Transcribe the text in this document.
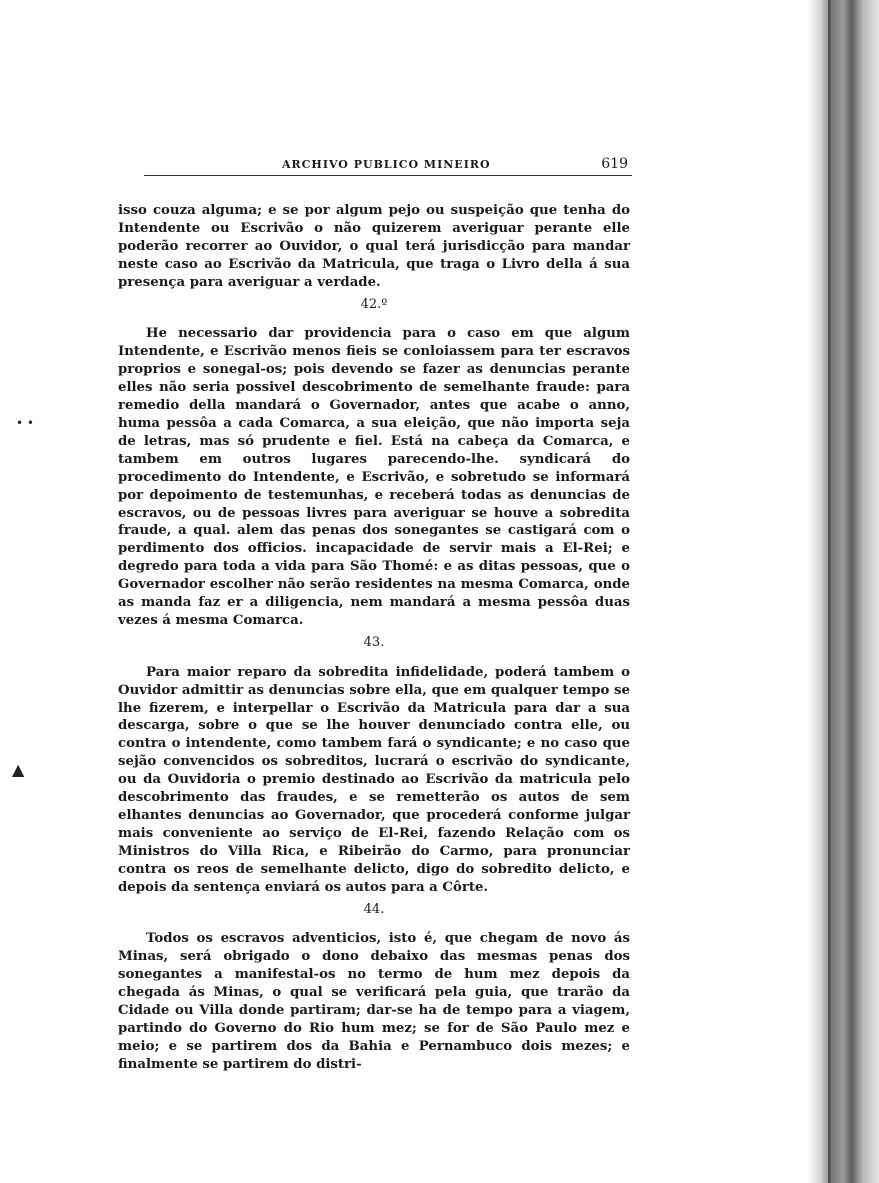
• •
▲
ARCHIVO PUBLICO MINEIRO	619

isso couza alguma; e se por algum pejo ou suspeição que tenha do Intendente ou Escrivão o não quizerem averiguar perante elle poderão recorrer ao Ouvidor, o qual terá jurisdicção para mandar neste caso ao Escrivão da Matricula, que traga o Livro della á sua presença para averiguar a verdade.

42.º

He necessario dar providencia para o caso em que algum Intendente, e Escrivão menos fieis se conloiassem para ter escravos proprios e sonegal-os; pois devendo se fazer as denuncias perante elles não seria possivel descobrimento de semelhante fraude: para remedio della mandará o Governador, antes que acabe o anno, huma pessôa a cada Comarca, a sua eleição, que não importa seja de letras, mas só prudente e fiel. Está na cabeça da Comarca, e tambem em outros lugares parecendo-lhe. syndicará do procedimento do Intendente, e Escrivão, e sobretudo se informará por depoimento de testemunhas, e receberá todas as denuncias de escravos, ou de pessoas livres para averiguar se houve a sobredita fraude, a qual. alem das penas dos sonegantes se castigará com o perdimento dos officios. incapacidade de servir mais a El-Rei; e degredo para toda a vida para São Thomé: e as ditas pessoas, que o Governador escolher não serão residentes na mesma Comarca, onde as manda faz er a diligencia, nem mandará a mesma pessôa duas vezes á mesma Comarca.

43.

Para maior reparo da sobredita infidelidade, poderá tambem o Ouvidor admittir as denuncias sobre ella, que em qualquer tempo se lhe fizerem, e interpellar o Escrivão da Matricula para dar a sua descarga, sobre o que se lhe houver denunciado contra elle, ou contra o intendente, como tambem fará o syndicante; e no caso que sejão convencidos os sobreditos, lucrará o escrivão do syndicante, ou da Ouvidoria o premio destinado ao Escrivão da matricula pelo descobrimento das fraudes, e se remetterão os autos de sem elhantes denuncias ao Governador, que procederá conforme julgar mais conveniente ao serviço de El-Rei, fazendo Relação com os Ministros do Villa Rica, e Ribeirão do Carmo, para pronunciar contra os reos de semelhante delicto, digo do sobredito delicto, e depois da sentença enviará os autos para a Côrte.

44.

Todos os escravos adventicios, isto é, que chegam de novo ás Minas, será obrigado o dono debaixo das mesmas penas dos sonegantes a manifestal-os no termo de hum mez depois da chegada ás Minas, o qual se verificará pela guia, que trarão da Cidade ou Villa donde partiram; dar-se ha de tempo para a viagem, partindo do Governo do Rio hum mez; se for de São Paulo mez e meio; e se partirem dos da Bahia e Pernambuco dois mezes; e finalmente se partirem do distri-
